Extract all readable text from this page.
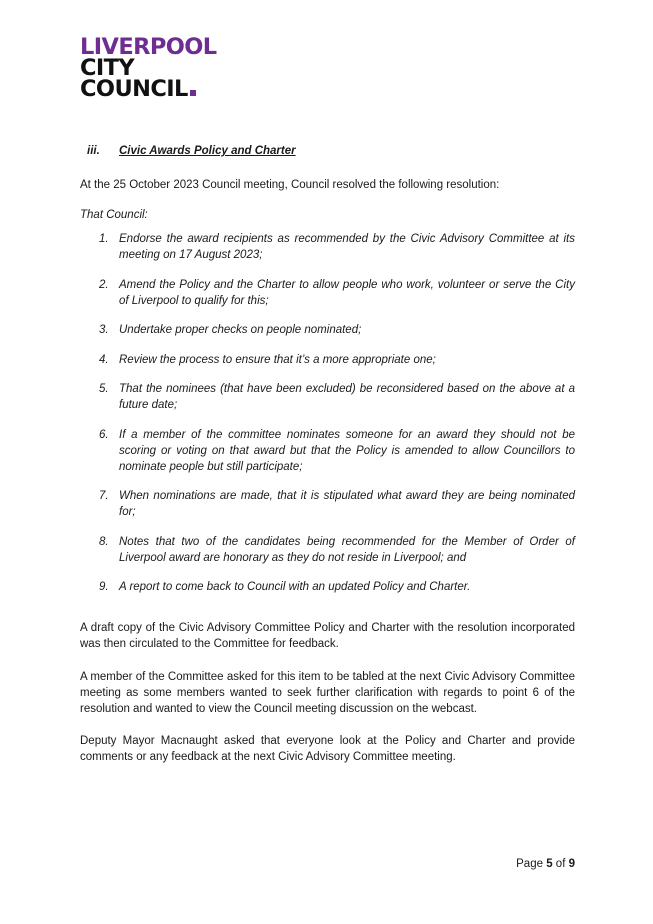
LIVERPOOL
CITY
COUNCIL
iii. Civic Awards Policy and Charter
At the 25 October 2023 Council meeting, Council resolved the following resolution:
That Council:
1. Endorse the award recipients as recommended by the Civic Advisory Committee at its meeting on 17 August 2023;
2. Amend the Policy and the Charter to allow people who work, volunteer or serve the City of Liverpool to qualify for this;
3. Undertake proper checks on people nominated;
4. Review the process to ensure that it’s a more appropriate one;
5. That the nominees (that have been excluded) be reconsidered based on the above at a future date;
6. If a member of the committee nominates someone for an award they should not be scoring or voting on that award but that the Policy is amended to allow Councillors to nominate people but still participate;
7. When nominations are made, that it is stipulated what award they are being nominated for;
8. Notes that two of the candidates being recommended for the Member of Order of Liverpool award are honorary as they do not reside in Liverpool; and
9. A report to come back to Council with an updated Policy and Charter.
A draft copy of the Civic Advisory Committee Policy and Charter with the resolution incorporated was then circulated to the Committee for feedback.
A member of the Committee asked for this item to be tabled at the next Civic Advisory Committee meeting as some members wanted to seek further clarification with regards to point 6 of the resolution and wanted to view the Council meeting discussion on the webcast.
Deputy Mayor Macnaught asked that everyone look at the Policy and Charter and provide comments or any feedback at the next Civic Advisory Committee meeting.
Page 5 of 9
